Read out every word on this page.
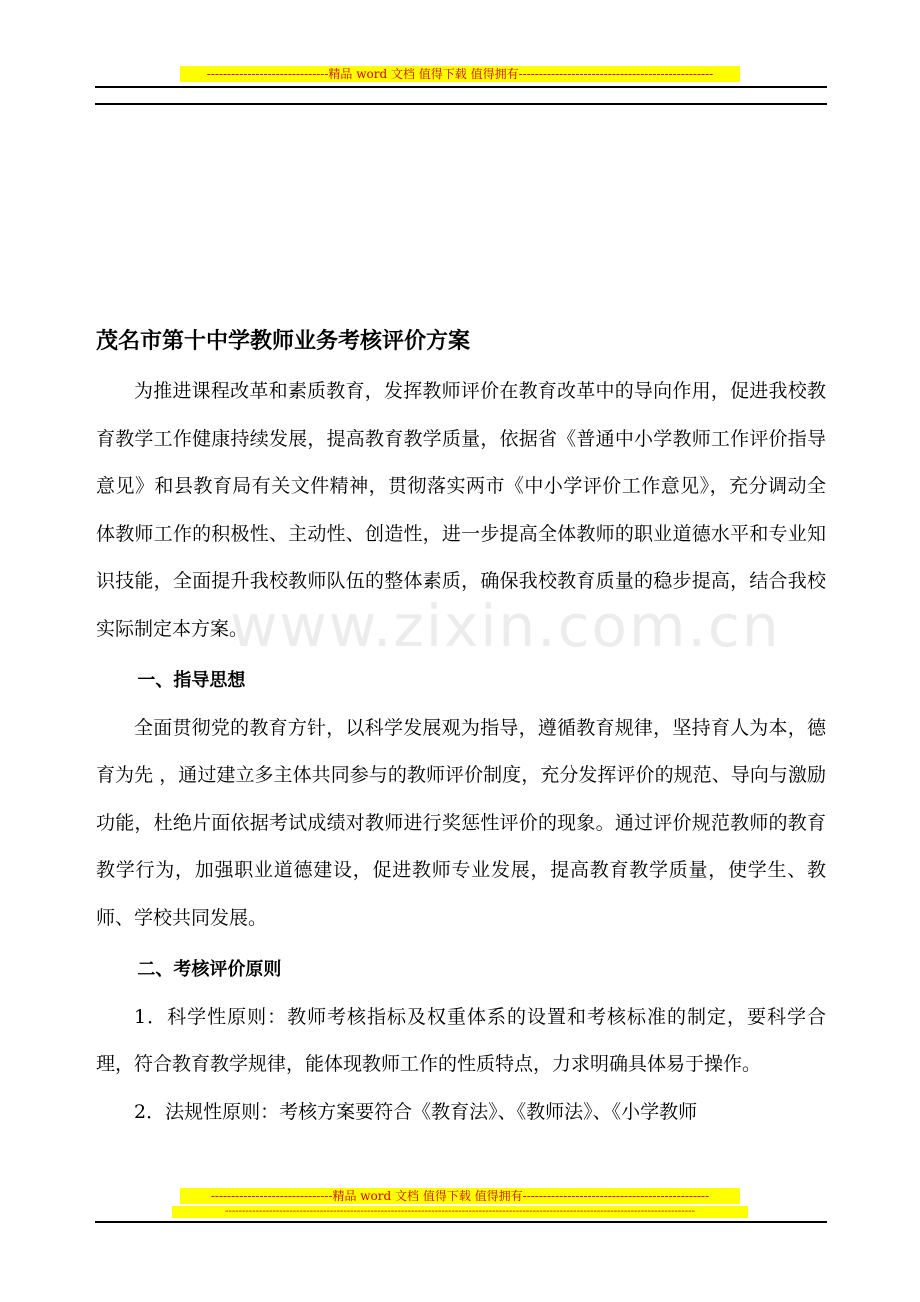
------------------------------精品 word 文档 值得下载 值得拥有------------------------------------------------
www.zixin.com.cn
茂名市第十中学教师业务考核评价方案

为推进课程改革和素质教育，发挥教师评价在教育改革中的导向作用，促进我校教育教学工作健康持续发展，提高教育教学质量，依据省《普通中小学教师工作评价指导意见》和县教育局有关文件精神，贯彻落实两市《中小学评价工作意见》，充分调动全体教师工作的积极性、主动性、创造性，进一步提高全体教师的职业道德水平和专业知识技能，全面提升我校教师队伍的整体素质，确保我校教育质量的稳步提高，结合我校实际制定本方案。

一、指导思想

全面贯彻党的教育方针，以科学发展观为指导，遵循教育规律，坚持育人为本，德育为先 ，通过建立多主体共同参与的教师评价制度，充分发挥评价的规范、导向与激励功能，杜绝片面依据考试成绩对教师进行奖惩性评价的现象。通过评价规范教师的教育教学行为，加强职业道德建设，促进教师专业发展，提高教育教学质量，使学生、教师、学校共同发展。

二、考核评价原则

1．科学性原则：教师考核指标及权重体系的设置和考核标准的制定，要科学合理，符合教育教学规律，能体现教师工作的性质特点，力求明确具体易于操作。

2．法规性原则：考核方案要符合《教育法》、《教师法》、《小学教师

------------------------------精品 word 文档 值得下载 值得拥有----------------------------------------------
-------------------------------------------------------------------------------------------------------------------------------------------
